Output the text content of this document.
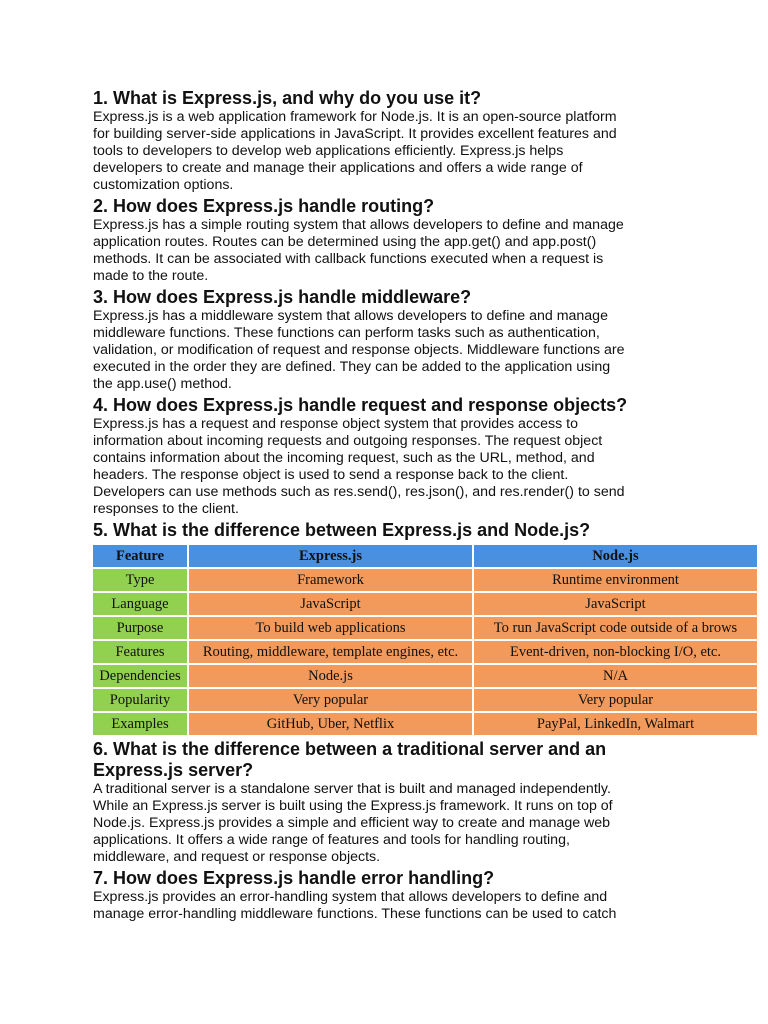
1. What is Express.js, and why do you use it?

Express.js is a web application framework for Node.js. It is an open-source platform

for building server-side applications in JavaScript. It provides excellent features and

tools to developers to develop web applications efficiently. Express.js helps

developers to create and manage their applications and offers a wide range of

customization options.

2. How does Express.js handle routing?

Express.js has a simple routing system that allows developers to define and manage

application routes. Routes can be determined using the app.get() and app.post()

methods. It can be associated with callback functions executed when a request is

made to the route.

3. How does Express.js handle middleware?

Express.js has a middleware system that allows developers to define and manage

middleware functions. These functions can perform tasks such as authentication,

validation, or modification of request and response objects. Middleware functions are

executed in the order they are defined. They can be added to the application using

the app.use() method.

4. How does Express.js handle request and response objects?

Express.js has a request and response object system that provides access to

information about incoming requests and outgoing responses. The request object

contains information about the incoming request, such as the URL, method, and

headers. The response object is used to send a response back to the client.

Developers can use methods such as res.send(), res.json(), and res.render() to send

responses to the client.

5. What is the difference between Express.js and Node.js?
Feature	Express.js	Node.js
Type	Framework	Runtime environment
Language	JavaScript	JavaScript
Purpose	To build web applications	To run JavaScript code outside of a brows
Features	Routing, middleware, template engines, etc.	Event-driven, non-blocking I/O, etc.
Dependencies	Node.js	N/A
Popularity	Very popular	Very popular
Examples	GitHub, Uber, Netflix	PayPal, LinkedIn, Walmart
6. What is the difference between a traditional server and an
Express.js server?

A traditional server is a standalone server that is built and managed independently.

While an Express.js server is built using the Express.js framework. It runs on top of

Node.js. Express.js provides a simple and efficient way to create and manage web

applications. It offers a wide range of features and tools for handling routing,

middleware, and request or response objects.

7. How does Express.js handle error handling?

Express.js provides an error-handling system that allows developers to define and

manage error-handling middleware functions. These functions can be used to catch
